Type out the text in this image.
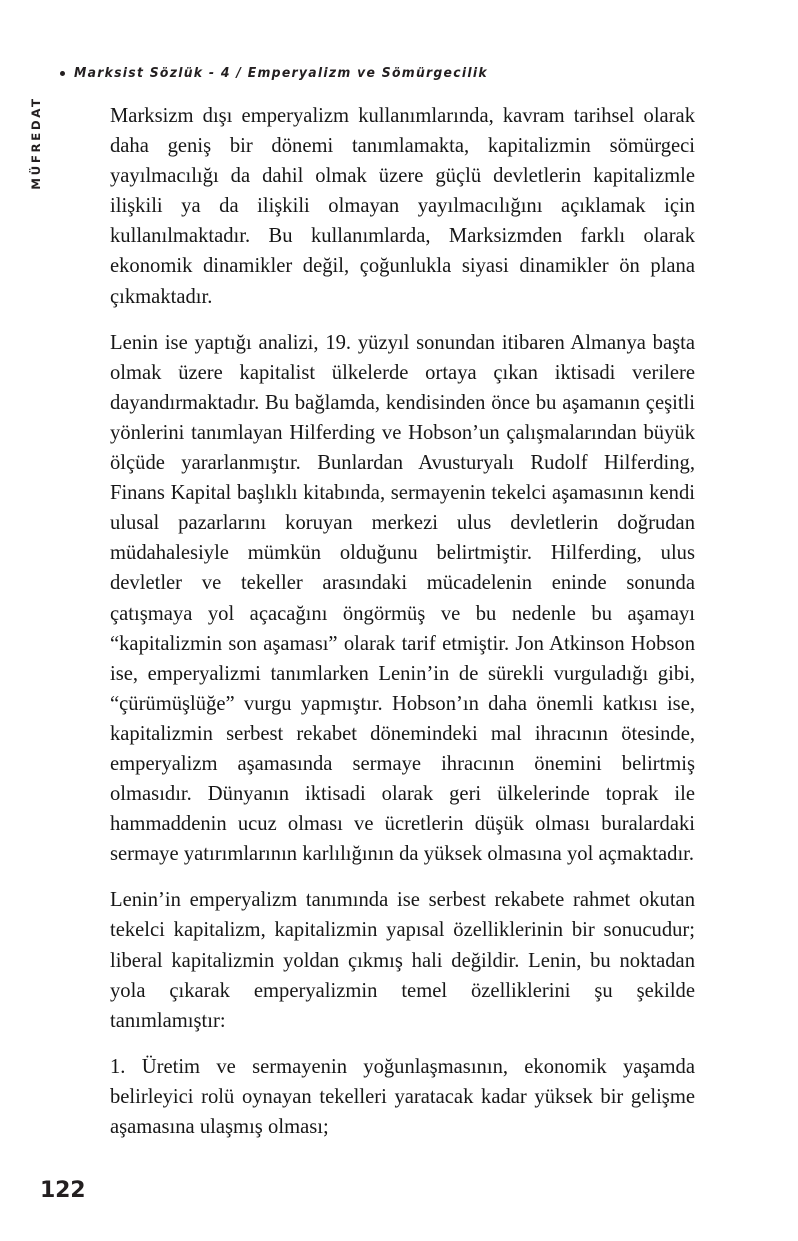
Marksist Sözlük - 4 / Emperyalizm ve Sömürgecilik
MÜFREDAT	Marksizm dışı emperyalizm kullanımlarında, kavram tarihsel olarak daha geniş bir dönemi tanımlamakta, kapitalizmin sömürgeci yayılmacılığı da dahil olmak üzere güçlü devletlerin kapitalizmle ilişkili ya da ilişkili olmayan yayılmacılığını açıklamak için kullanılmaktadır. Bu kullanımlarda, Marksizmden farklı olarak ekonomik dinamikler değil, çoğunlukla siyasi dinamikler ön plana çıkmaktadır.

Lenin ise yaptığı analizi, 19. yüzyıl sonundan itibaren Almanya başta olmak üzere kapitalist ülkelerde ortaya çıkan iktisadi verilere dayandırmaktadır. Bu bağlamda, kendisinden önce bu aşamanın çeşitli yönlerini tanımlayan Hilferding ve Hobson’un çalışmalarından büyük ölçüde yararlanmıştır. Bunlardan Avusturyalı Rudolf Hilferding, Finans Kapital başlıklı kitabında, sermayenin tekelci aşamasının kendi ulusal pazarlarını koruyan merkezi ulus devletlerin doğrudan müdahalesiyle mümkün olduğunu belirtmiştir. Hilferding, ulus devletler ve tekeller arasındaki mücadelenin eninde sonunda çatışmaya yol açacağını öngörmüş ve bu nedenle bu aşamayı “kapitalizmin son aşaması” olarak tarif etmiştir. Jon Atkinson Hobson ise, emperyalizmi tanımlarken Lenin’in de sürekli vurguladığı gibi, “çürümüşlüğe” vurgu yapmıştır. Hobson’ın daha önemli katkısı ise, kapitalizmin serbest rekabet dönemindeki mal ihracının ötesinde, emperyalizm aşamasında sermaye ihracının önemini belirtmiş olmasıdır. Dünyanın iktisadi olarak geri ülkelerinde toprak ile hammaddenin ucuz olması ve ücretlerin düşük olması buralardaki sermaye yatırımlarının karlılığının da yüksek olmasına yol açmaktadır.

Lenin’in emperyalizm tanımında ise serbest rekabete rahmet okutan tekelci kapitalizm, kapitalizmin yapısal özelliklerinin bir sonucudur; liberal kapitalizmin yoldan çıkmış hali değildir. Lenin, bu noktadan yola çıkarak emperyalizmin temel özelliklerini şu şekilde tanımlamıştır:

1. Üretim ve sermayenin yoğunlaşmasının, ekonomik yaşamda belirleyici rolü oynayan tekelleri yaratacak kadar yüksek bir gelişme aşamasına ulaşmış olması;

122
